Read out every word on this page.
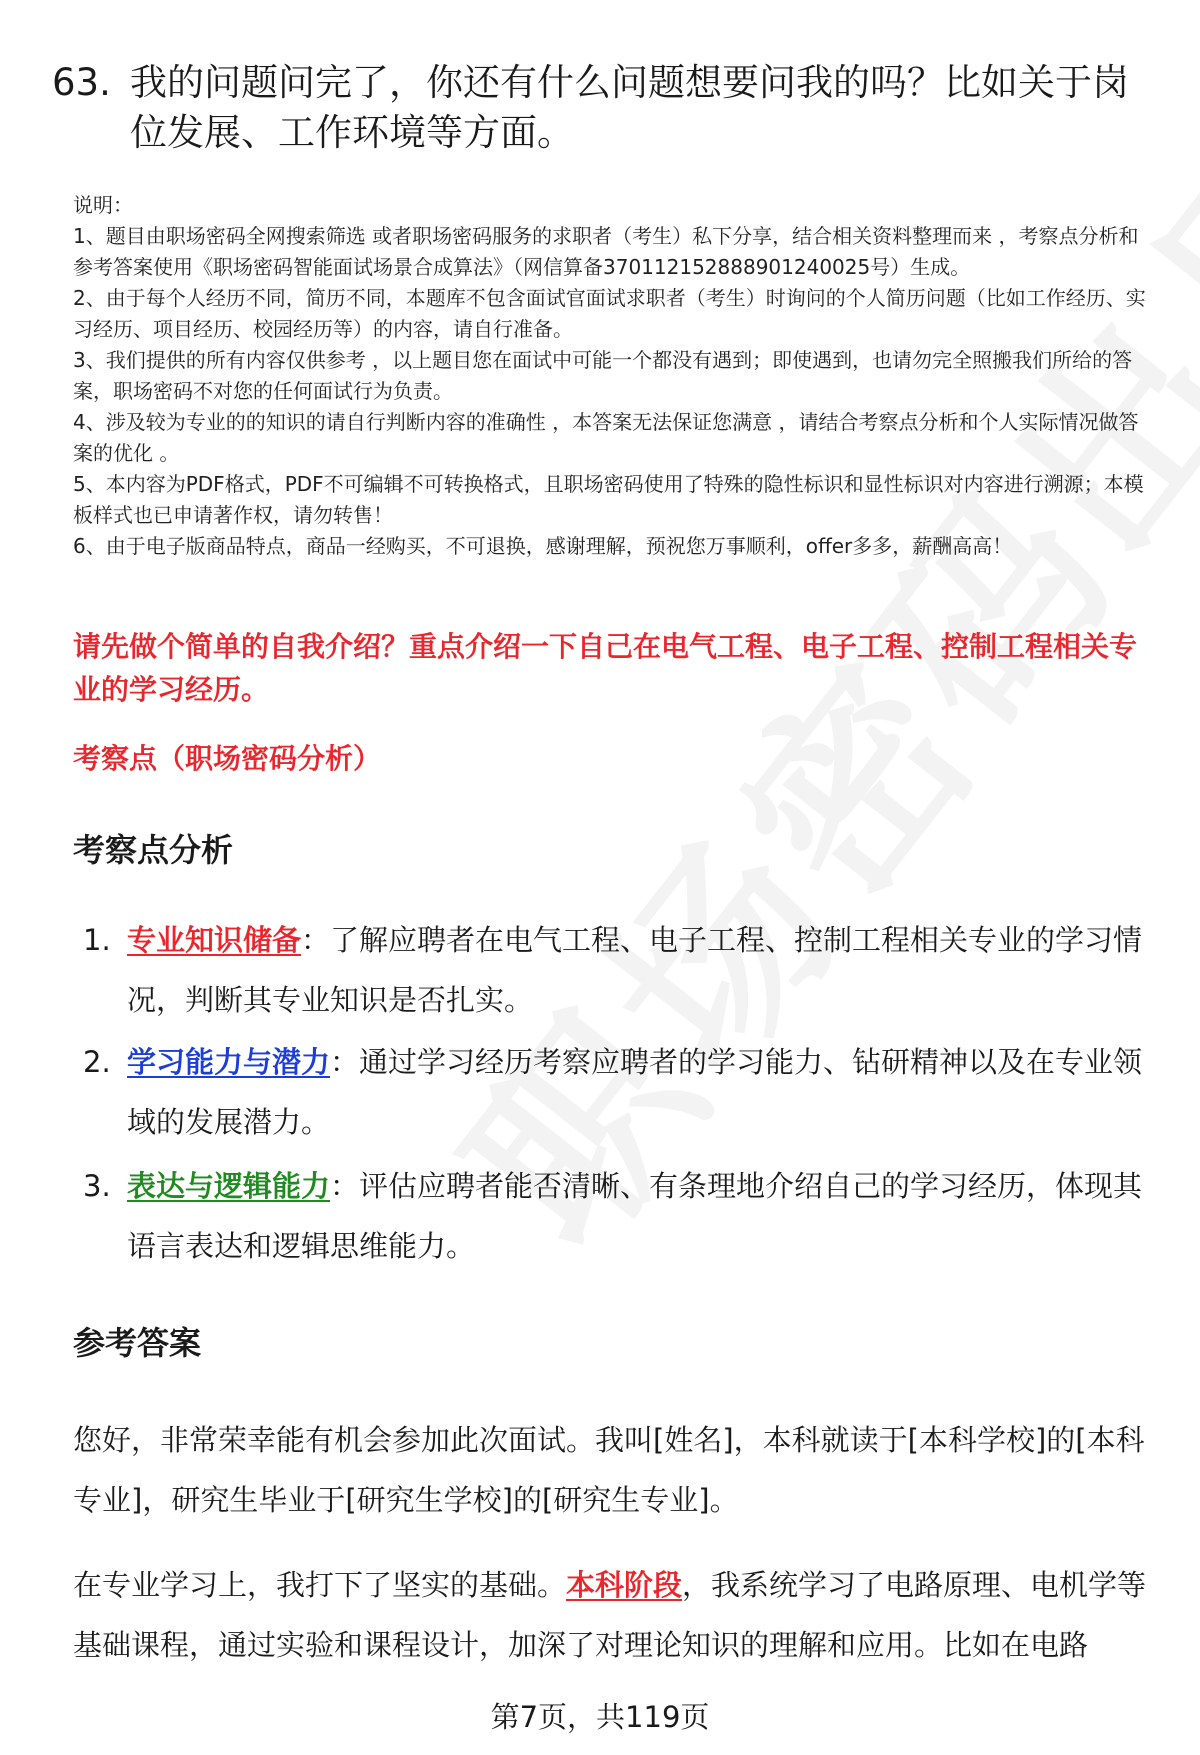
63. 我的问题问完了，你还有什么问题想要问我的吗？比如关于岗位发展、工作环境等方面。

说明：

1、题目由职场密码全网搜索筛选 或者职场密码服务的求职者（考生）私下分享，结合相关资料整理而来 ，考察点分析和参考答案使用《职场密码智能面试场景合成算法》（网信算备370112152888901240025号）生成。

2、由于每个人经历不同，简历不同，本题库不包含面试官面试求职者（考生）时询问的个人简历问题（比如工作经历、实习经历、项目经历、校园经历等）的内容，请自行准备。

3、我们提供的所有内容仅供参考 ，以上题目您在面试中可能一个都没有遇到；即使遇到，也请勿完全照搬我们所给的答案，职场密码不对您的任何面试行为负责。

4、涉及较为专业的的知识的请自行判断内容的准确性 ，本答案无法保证您满意 ，请结合考察点分析和个人实际情况做答案的优化 。

5、本内容为PDF格式，PDF不可编辑不可转换格式，且职场密码使用了特殊的隐性标识和显性标识对内容进行溯源；本模板样式也已申请著作权，请勿转售！

6、由于电子版商品特点，商品一经购买，不可退换，感谢理解，预祝您万事顺利，offer多多，薪酬高高！

请先做个简单的自我介绍？重点介绍一下自己在电气工程、电子工程、控制工程相关专业的学习经历。
考察点（职场密码分析）
考察点分析
1. 专业知识储备：了解应聘者在电气工程、电子工程、控制工程相关专业的学习情况，判断其专业知识是否扎实。
2. 学习能力与潜力：通过学习经历考察应聘者的学习能力、钻研精神以及在专业领域的发展潜力。
3. 表达与逻辑能力：评估应聘者能否清晰、有条理地介绍自己的学习经历，体现其语言表达和逻辑思维能力。
参考答案

您好，非常荣幸能有机会参加此次面试。我叫[姓名]，本科就读于[本科学校]的[本科专业]，研究生毕业于[研究生学校]的[研究生专业]。

在专业学习上，我打下了坚实的基础。本科阶段，我系统学习了电路原理、电机学等基础课程，通过实验和课程设计，加深了对理论知识的理解和应用。比如在电路

第7页，共119页
